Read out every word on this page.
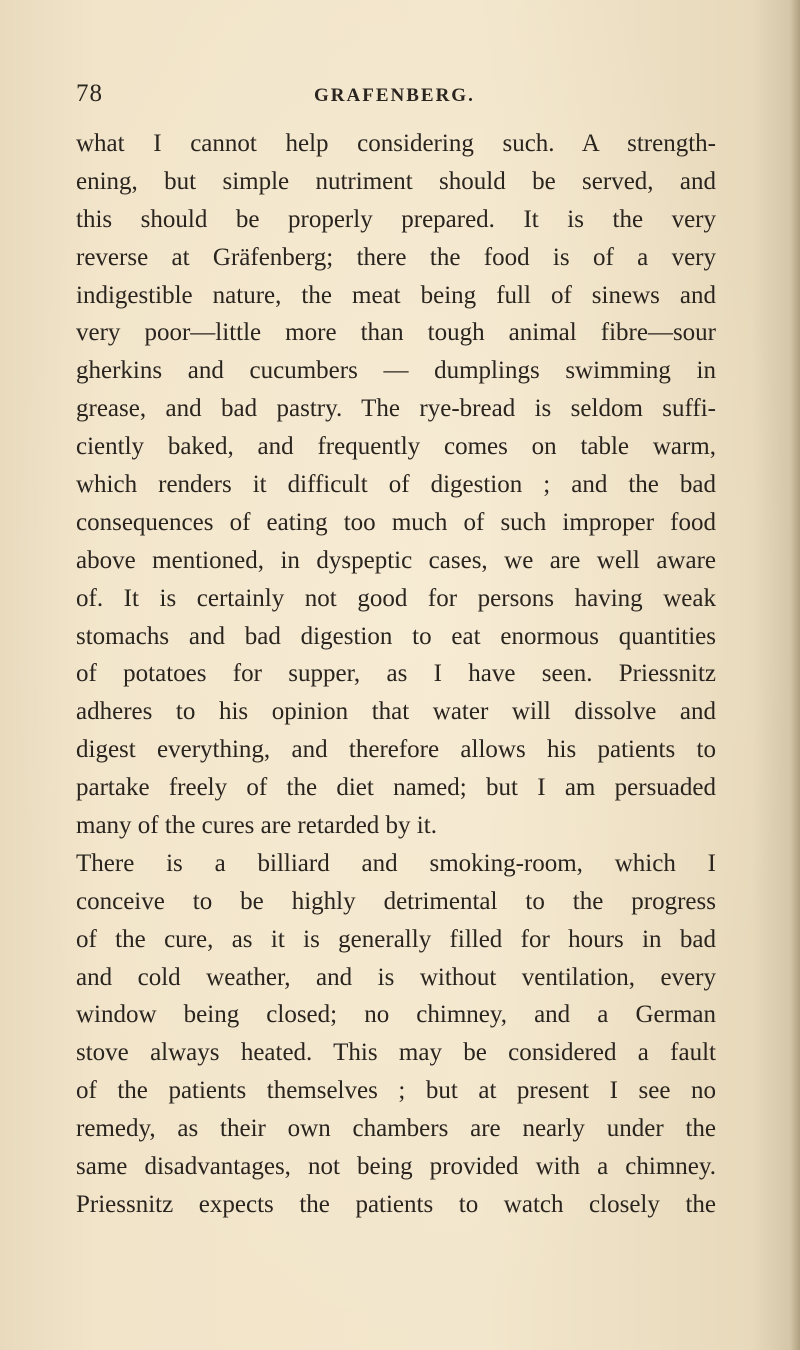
78	GRAFENBERG.
what I cannot help considering such. A strength-
ening, but simple nutriment should be served, and
this should be properly prepared. It is the very
reverse at Gräfenberg; there the food is of a very
indigestible nature, the meat being full of sinews and
very poor—little more than tough animal fibre—sour
gherkins and cucumbers — dumplings swimming in
grease, and bad pastry. The rye-bread is seldom suffi-
ciently baked, and frequently comes on table warm,
which renders it difficult of digestion ; and the bad
consequences of eating too much of such improper food
above mentioned, in dyspeptic cases, we are well aware
of. It is certainly not good for persons having weak
stomachs and bad digestion to eat enormous quantities
of potatoes for supper, as I have seen. Priessnitz
adheres to his opinion that water will dissolve and
digest everything, and therefore allows his patients to
partake freely of the diet named; but I am persuaded
many of the cures are retarded by it.
There is a billiard and smoking-room, which I
conceive to be highly detrimental to the progress
of the cure, as it is generally filled for hours in bad
and cold weather, and is without ventilation, every
window being closed; no chimney, and a German
stove always heated. This may be considered a fault
of the patients themselves ; but at present I see no
remedy, as their own chambers are nearly under the
same disadvantages, not being provided with a chimney.
Priessnitz expects the patients to watch closely the
